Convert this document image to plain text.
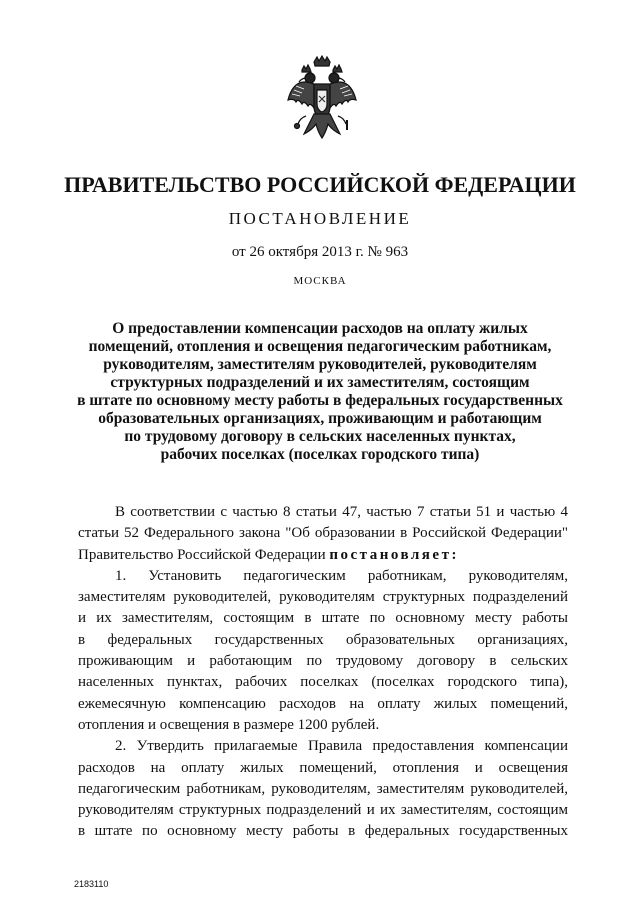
ПРАВИТЕЛЬСТВО РОССИЙСКОЙ ФЕДЕРАЦИИ
ПОСТАНОВЛЕНИЕ
от 26 октября 2013 г. № 963
МОСКВА
О предоставлении компенсации расходов на оплату жилых
помещений, отопления и освещения педагогическим работникам,
руководителям, заместителям руководителей, руководителям
структурных подразделений и их заместителям, состоящим
в штате по основному месту работы в федеральных государственных
образовательных организациях, проживающим и работающим
по трудовому договору в сельских населенных пунктах,
рабочих поселках (поселках городского типа)
В соответствии с частью 8 статьи 47, частью 7 статьи 51 и частью 4
статьи 52 Федерального закона "Об образовании в Российской Федерации"
Правительство Российской Федерации постановляет:
1. Установить педагогическим работникам, руководителям,
заместителям руководителей, руководителям структурных подразделений
и их заместителям, состоящим в штате по основному месту работы
в федеральных государственных образовательных организациях,
проживающим и работающим по трудовому договору в сельских
населенных пунктах, рабочих поселках (поселках городского типа),
ежемесячную компенсацию расходов на оплату жилых помещений,
отопления и освещения в размере 1200 рублей.
2. Утвердить прилагаемые Правила предоставления компенсации
расходов на оплату жилых помещений, отопления и освещения
педагогическим работникам, руководителям, заместителям руководителей,
руководителям структурных подразделений и их заместителям, состоящим
в штате по основному месту работы в федеральных государственных
2183110
